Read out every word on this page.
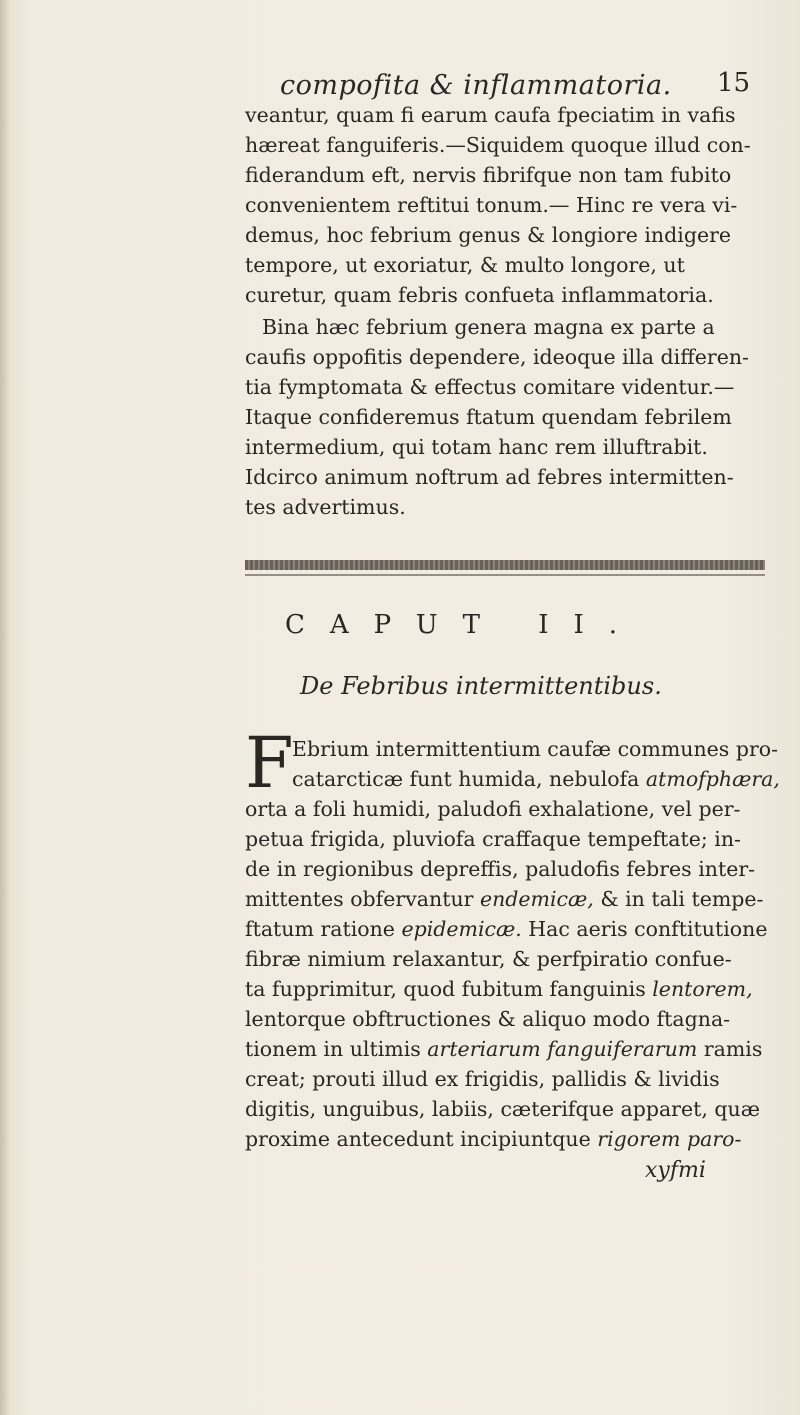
compofita & inflammatoria. 15
veantur, quam fi earum caufa fpeciatim in vafis
hæreat fanguiferis.—Siquidem quoque illud con-
fiderandum eft, nervis fibrifque non tam fubito
convenientem reftitui tonum.— Hinc re vera vi-
demus, hoc febrium genus & longiore indigere
tempore, ut exoriatur, & multo longore, ut
curetur, quam febris confueta inflammatoria.
Bina hæc febrium genera magna ex parte a
caufis oppofitis dependere, ideoque illa differen-
tia fymptomata & effectus comitare videntur.—
Itaque confideremus ftatum quendam febrilem
intermedium, qui totam hanc rem illuftrabit.
Idcirco animum noftrum ad febres intermitten-
tes advertimus.
CAPUT II.
De Febribus intermittentibus.
F
Ebrium intermittentium caufæ communes pro-
catarcticæ funt humida, nebulofa atmofphæra,
orta a foli humidi, paludofi exhalatione, vel per-
petua frigida, pluviofa craffaque tempeftate; in-
de in regionibus depreffis, paludofis febres inter-
mittentes obfervantur endemicæ, & in tali tempe-
ftatum ratione epidemicæ. Hac aeris conftitutione
fibræ nimium relaxantur, & perfpiratio confue-
ta fupprimitur, quod fubitum fanguinis lentorem,
lentorque obftructiones & aliquo modo ftagna-
tionem in ultimis arteriarum fanguiferarum ramis
creat; prouti illud ex frigidis, pallidis & lividis
digitis, unguibus, labiis, cæterifque apparet, quæ
proxime antecedunt incipiuntque rigorem paro-
xyfmi
